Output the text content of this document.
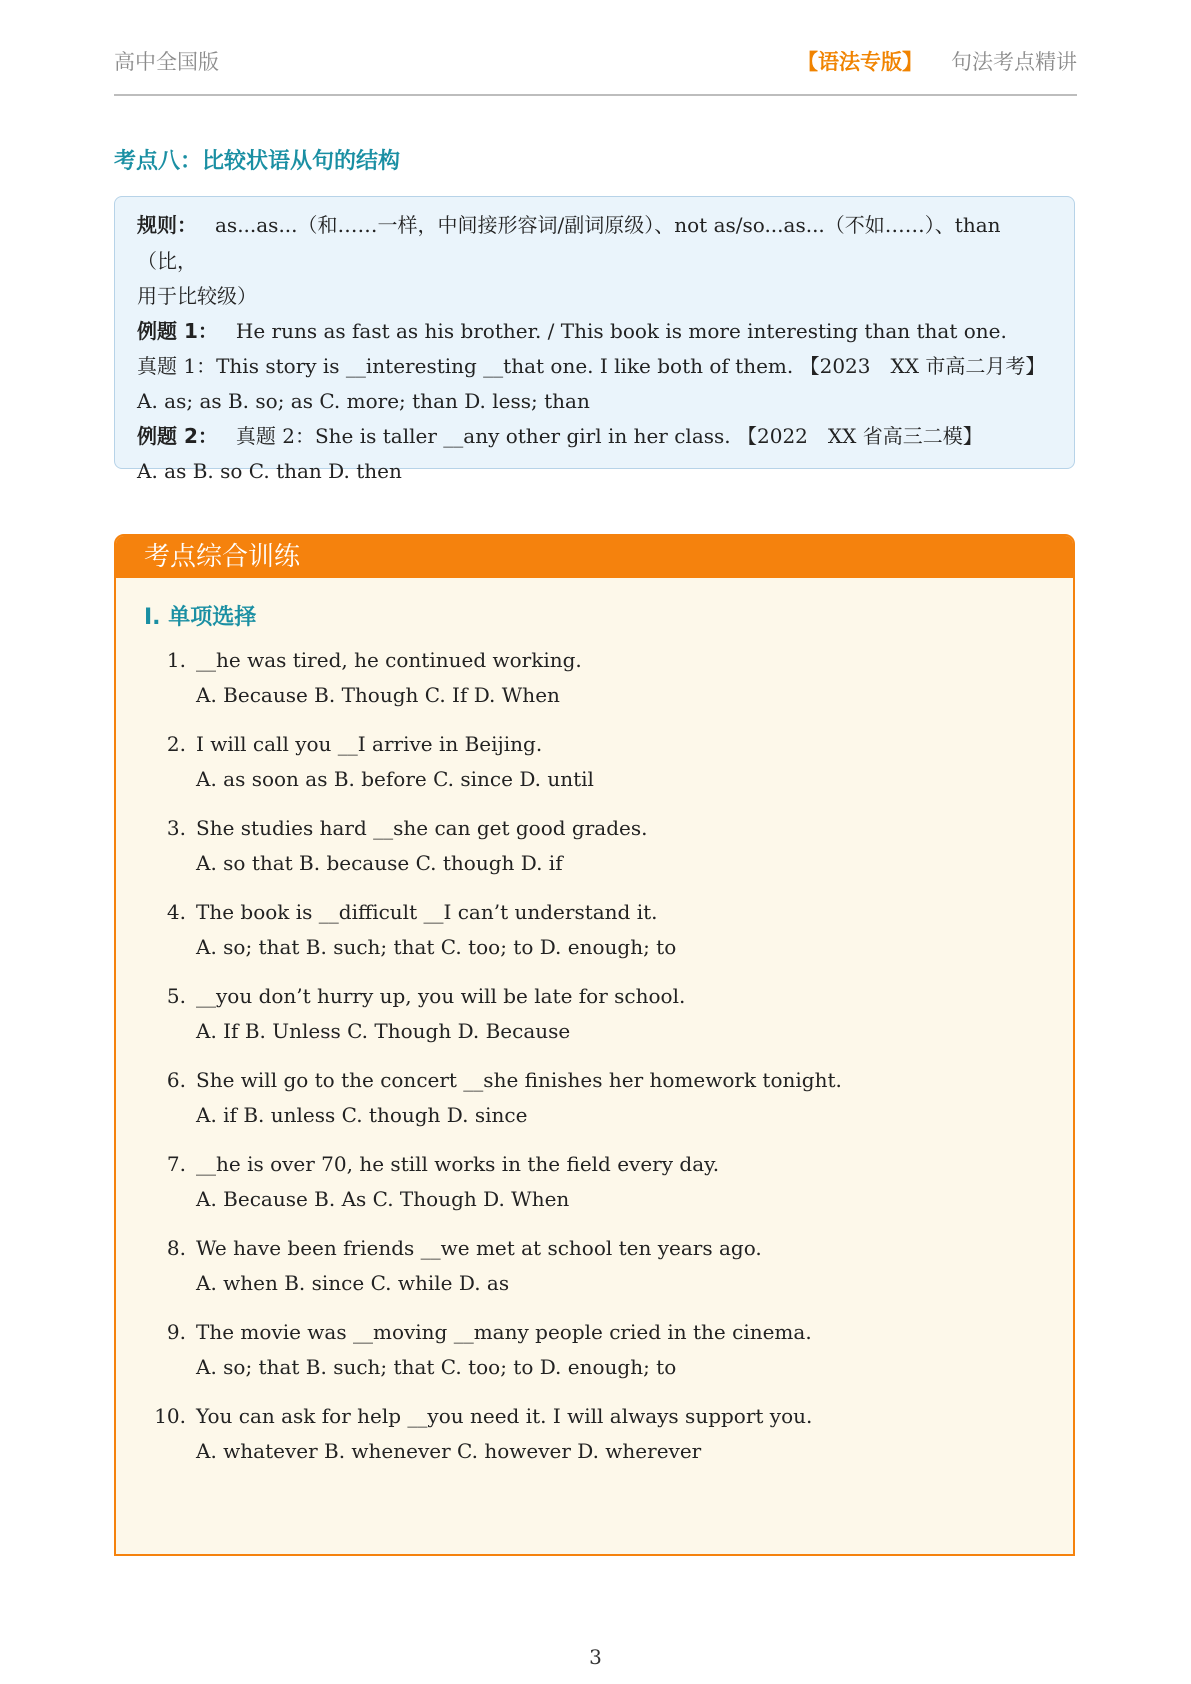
高中全国版	【语法专版】 句法考点精讲
考点八：比较状语从句的结构
规则： as...as...（和……一样，中间接形容词/副词原级）、not as/so...as...（不如……）、than（比，
用于比较级）
例题 1： He runs as fast as his brother. / This book is more interesting than that one.
真题 1：This story is __interesting __that one. I like both of them. 【2023　XX 市高二月考】
A. as; as B. so; as C. more; than D. less; than
例题 2： 真题 2：She is taller __any other girl in her class. 【2022　XX 省高三二模】
A. as B. so C. than D. then
考点综合训练
I. 单项选择
1. __he was tired, he continued working.
A. Because B. Though C. If D. When
2. I will call you __I arrive in Beijing.
A. as soon as B. before C. since D. until
3. She studies hard __she can get good grades.
A. so that B. because C. though D. if
4. The book is __difficult __I can’t understand it.
A. so; that B. such; that C. too; to D. enough; to
5. __you don’t hurry up, you will be late for school.
A. If B. Unless C. Though D. Because
6. She will go to the concert __she finishes her homework tonight.
A. if B. unless C. though D. since
7. __he is over 70, he still works in the field every day.
A. Because B. As C. Though D. When
8. We have been friends __we met at school ten years ago.
A. when B. since C. while D. as
9. The movie was __moving __many people cried in the cinema.
A. so; that B. such; that C. too; to D. enough; to
10. You can ask for help __you need it. I will always support you.
A. whatever B. whenever C. however D. wherever
3
